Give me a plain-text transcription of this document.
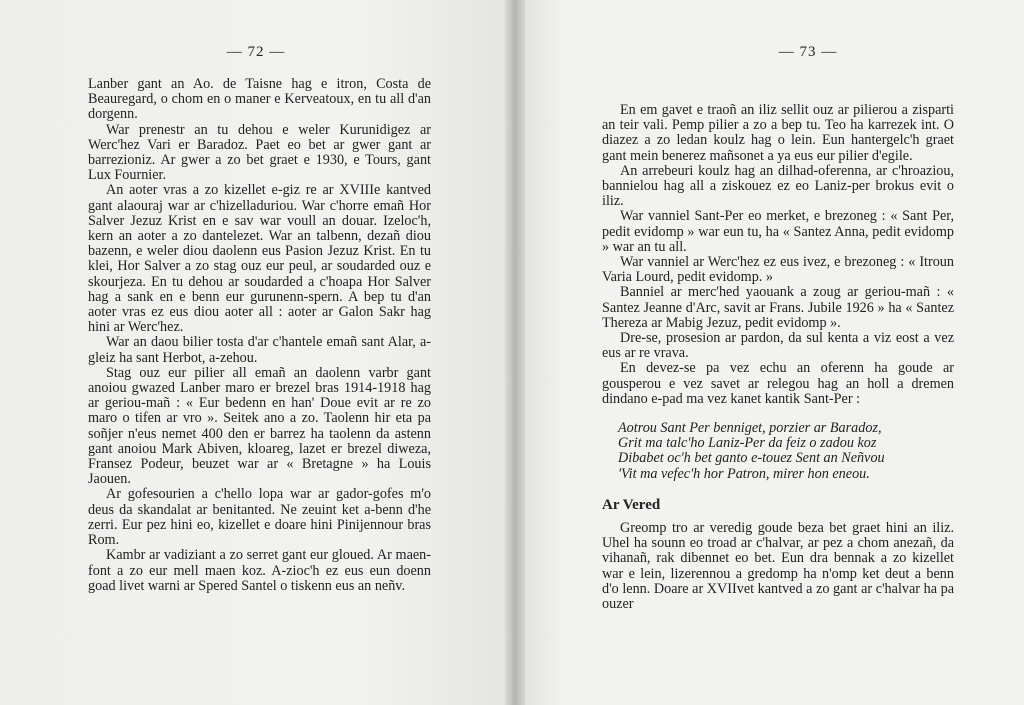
— 72 —

Lanber gant an Ao. de Taisne hag e itron, Costa de Beauregard, o chom en o maner e Kerveatoux, en tu all d'an dorgenn.

War prenestr an tu dehou e weler Kurunidigez ar Werc'hez Vari er Baradoz. Paet eo bet ar gwer gant ar barrezioniz. Ar gwer a zo bet graet e 1930, e Tours, gant Lux Fournier.

An aoter vras a zo kizellet e-giz re ar XVIIIe kantved gant alaouraj war ar c'hizelladuriou. War c'horre emañ Hor Salver Jezuz Krist en e sav war voull an douar. Izeloc'h, kern an aoter a zo dantelezet. War an talbenn, dezañ diou bazenn, e weler diou daolenn eus Pasion Jezuz Krist. En tu klei, Hor Salver a zo stag ouz eur peul, ar soudarded ouz e skourjeza. En tu dehou ar soudarded a c'hoapa Hor Salver hag a sank en e benn eur gurunenn-spern. A bep tu d'an aoter vras ez eus diou aoter all : aoter ar Galon Sakr hag hini ar Werc'hez.

War an daou bilier tosta d'ar c'hantele emañ sant Alar, a-gleiz ha sant Herbot, a-zehou.

Stag ouz eur pilier all emañ an daolenn varbr gant anoiou gwazed Lanber maro er brezel bras 1914-1918 hag ar geriou-mañ : « Eur bedenn en han' Doue evit ar re zo maro o tifen ar vro ». Seitek ano a zo. Taolenn hir eta pa soñjer n'eus nemet 400 den er barrez ha taolenn da astenn gant anoiou Mark Abiven, kloareg, lazet er brezel diweza, Fransez Podeur, beuzet war ar « Bretagne » ha Louis Jaouen.

Ar gofesourien a c'hello lopa war ar gador-gofes m'o deus da skandalat ar benitanted. Ne zeuint ket a-benn d'he zerri. Eur pez hini eo, kizellet e doare hini Pinijennour bras Rom.

Kambr ar vadiziant a zo serret gant eur gloued. Ar maen-font a zo eur mell maen koz. A-zioc'h ez eus eun doenn goad livet warni ar Spered Santel o tiskenn eus an neñv.

— 73 —

En em gavet e traoñ an iliz sellit ouz ar pilierou a zisparti an teir vali. Pemp pilier a zo a bep tu. Teo ha karrezek int. O diazez a zo ledan koulz hag o lein. Eun hantergelc'h graet gant mein benerez mañsonet a ya eus eur pilier d'egile.

An arrebeuri koulz hag an dilhad-oferenna, ar c'hroaziou, bannielou hag all a ziskouez ez eo Laniz-per brokus evit o iliz.

War vanniel Sant-Per eo merket, e brezoneg : « Sant Per, pedit evidomp » war eun tu, ha « Santez Anna, pedit evidomp » war an tu all.

War vanniel ar Werc'hez ez eus ivez, e brezoneg : « Itroun Varia Lourd, pedit evidomp. »

Banniel ar merc'hed yaouank a zoug ar geriou-mañ : « Santez Jeanne d'Arc, savit ar Frans. Jubile 1926 » ha « Santez Thereza ar Mabig Jezuz, pedit evidomp ».

Dre-se, prosesion ar pardon, da sul kenta a viz eost a vez eus ar re vrava.

En devez-se pa vez echu an oferenn ha goude ar gousperou e vez savet ar relegou hag an holl a dremen dindano e-pad ma vez kanet kantik Sant-Per :

Aotrou Sant Per benniget, porzier ar Baradoz,
Grit ma talc'ho Laniz-Per da feiz o zadou koz
Dibabet oc'h bet ganto e-touez Sent an Neñvou
'Vit ma vefec'h hor Patron, mirer hon eneou.
Ar Vered

Greomp tro ar veredig goude beza bet graet hini an iliz. Uhel ha sounn eo troad ar c'halvar, ar pez a chom anezañ, da vihanañ, rak dibennet eo bet. Eun dra bennak a zo kizellet war e lein, lizerennou a gredomp ha n'omp ket deut a benn d'o lenn. Doare ar XVIIvet kantved a zo gant ar c'halvar ha pa ouzer
